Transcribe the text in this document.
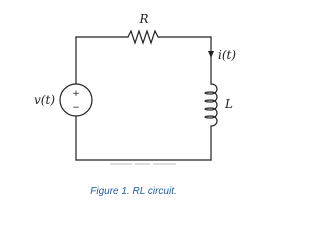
R
i(t)
+
−
v(t)	L
Figure 1. RL circuit.
